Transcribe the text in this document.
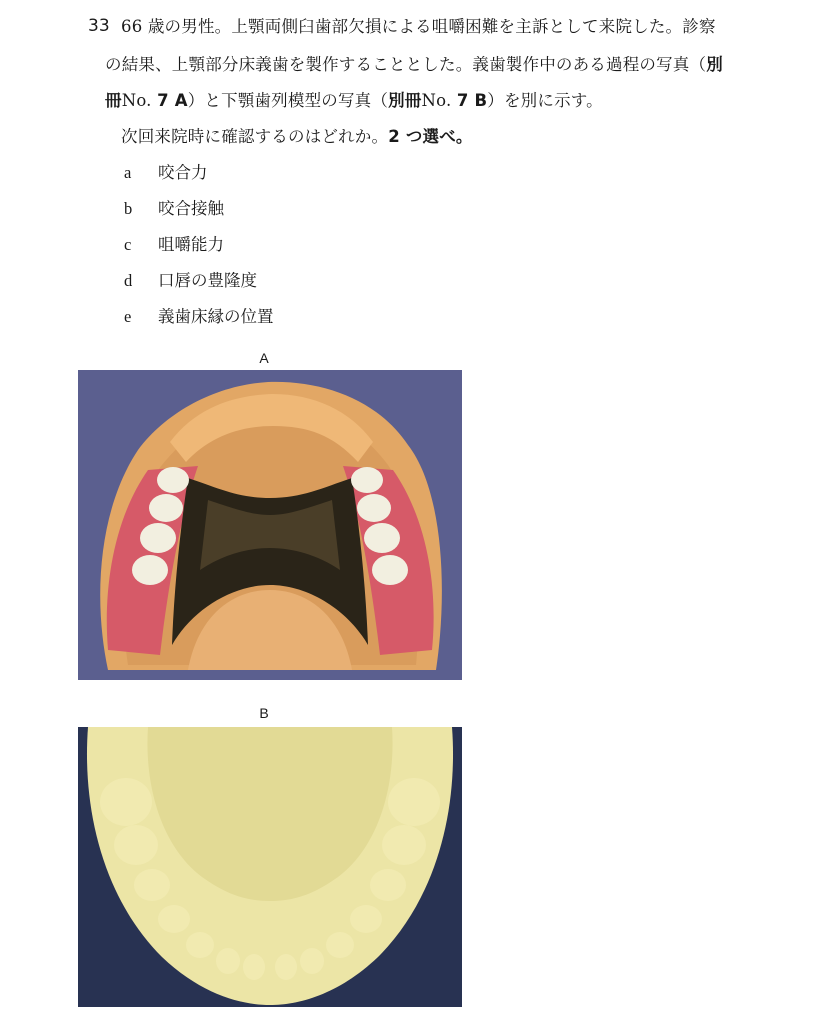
33 66 歳の男性。上顎両側臼歯部欠損による咀嚼困難を主訴として来院した。診察
の結果、上顎部分床義歯を製作することとした。義歯製作中のある過程の写真（別
冊No. 7 A）と下顎歯列模型の写真（別冊No. 7 B）を別に示す。
次回来院時に確認するのはどれか。2 つ選べ。
a 咬合力
b 咬合接触
c 咀嚼能力
d 口唇の豊隆度
e 義歯床縁の位置
A
B
